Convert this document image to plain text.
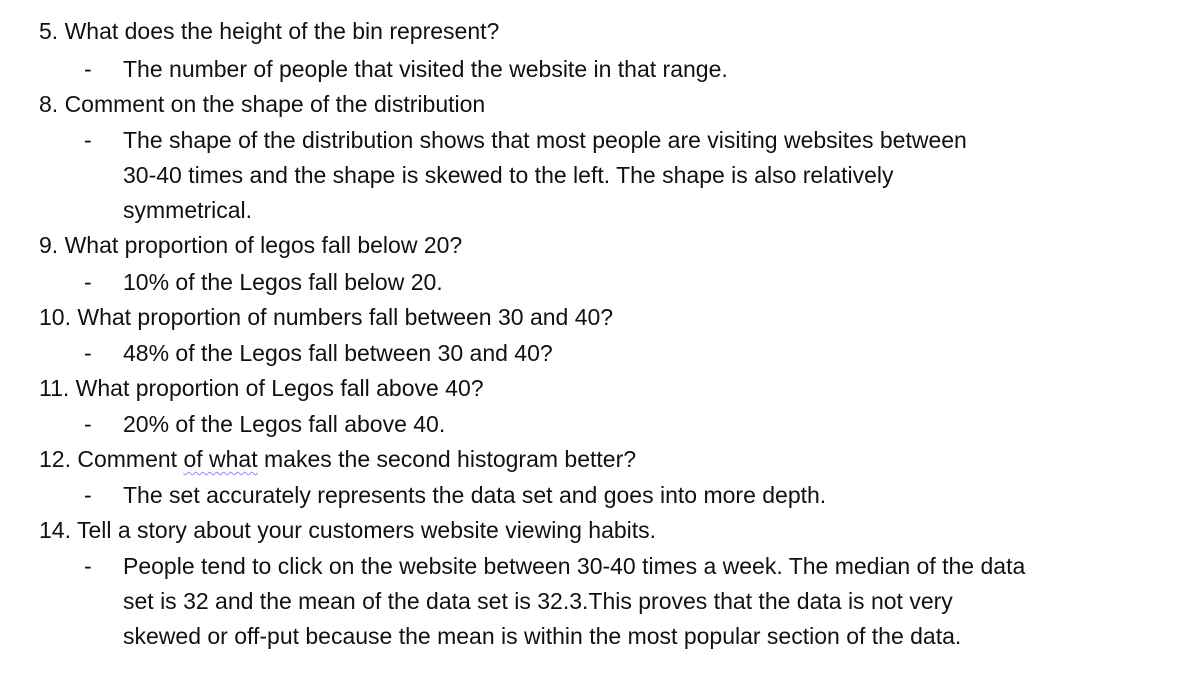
5. What does the height of the bin represent?
- The number of people that visited the website in that range.
8. Comment on the shape of the distribution
- The shape of the distribution shows that most people are visiting websites between
30-40 times and the shape is skewed to the left. The shape is also relatively
symmetrical.
9. What proportion of legos fall below 20?
- 10% of the Legos fall below 20.
10. What proportion of numbers fall between 30 and 40?
- 48% of the Legos fall between 30 and 40?
11. What proportion of Legos fall above 40?
- 20% of the Legos fall above 40.
12. Comment of what makes the second histogram better?
- The set accurately represents the data set and goes into more depth.
14. Tell a story about your customers website viewing habits.
- People tend to click on the website between 30-40 times a week. The median of the data
set is 32 and the mean of the data set is 32.3.This proves that the data is not very
skewed or off-put because the mean is within the most popular section of the data.
